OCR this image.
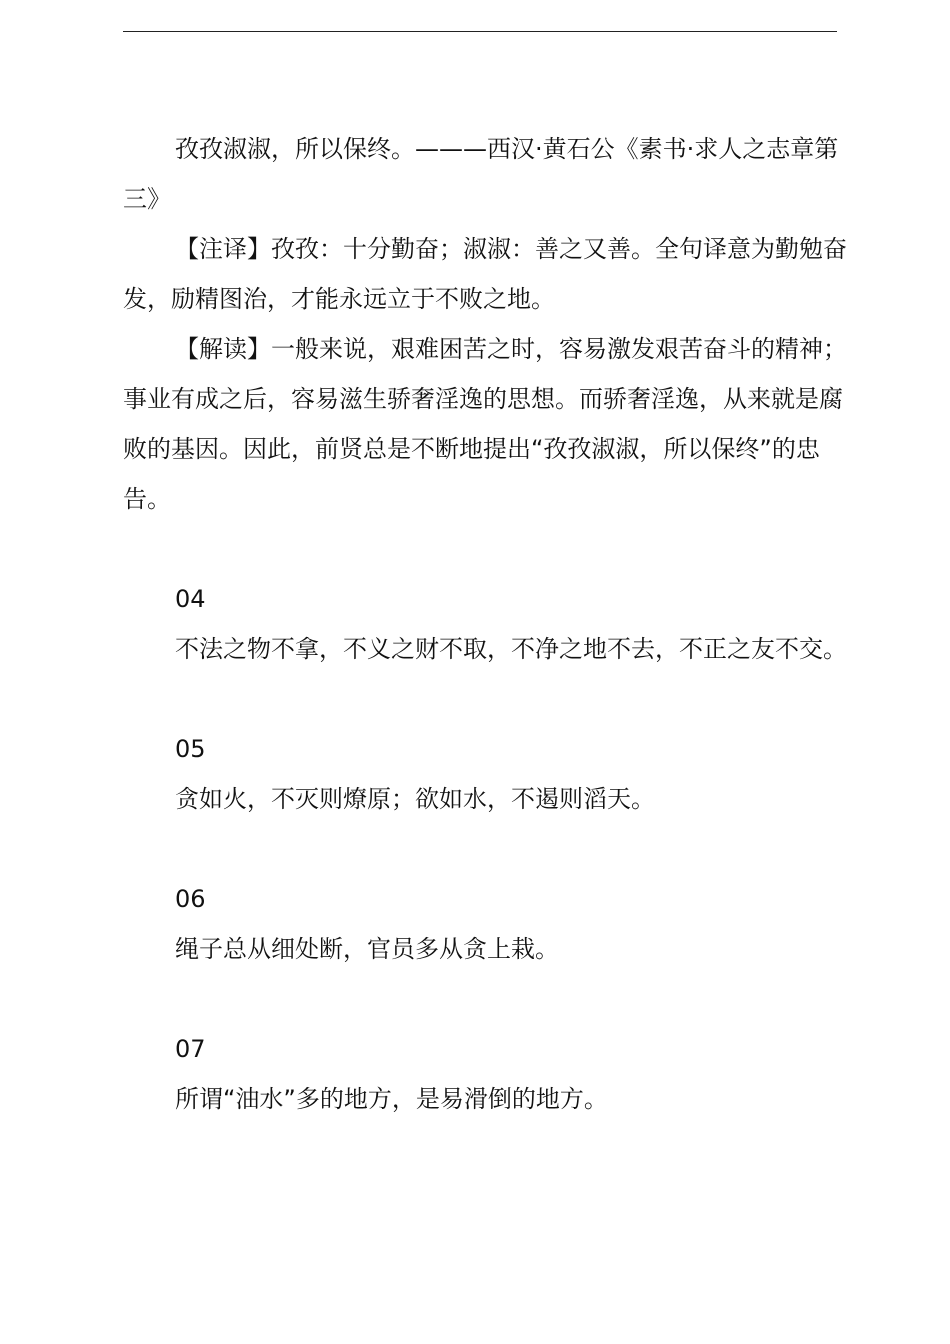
孜孜淑淑，所以保终。———西汉·黄石公《素书·求人之志章第三》

【注译】孜孜：十分勤奋；淑淑：善之又善。全句译意为勤勉奋发，励精图治，才能永远立于不败之地。

【解读】一般来说，艰难困苦之时，容易激发艰苦奋斗的精神；事业有成之后，容易滋生骄奢淫逸的思想。而骄奢淫逸，从来就是腐败的基因。因此，前贤总是不断地提出“孜孜淑淑，所以保终”的忠告。

04

不法之物不拿，不义之财不取，不净之地不去，不正之友不交。

05

贪如火，不灭则燎原；欲如水，不遏则滔天。

06

绳子总从细处断，官员多从贪上栽。

07

所谓“油水”多的地方，是易滑倒的地方。
